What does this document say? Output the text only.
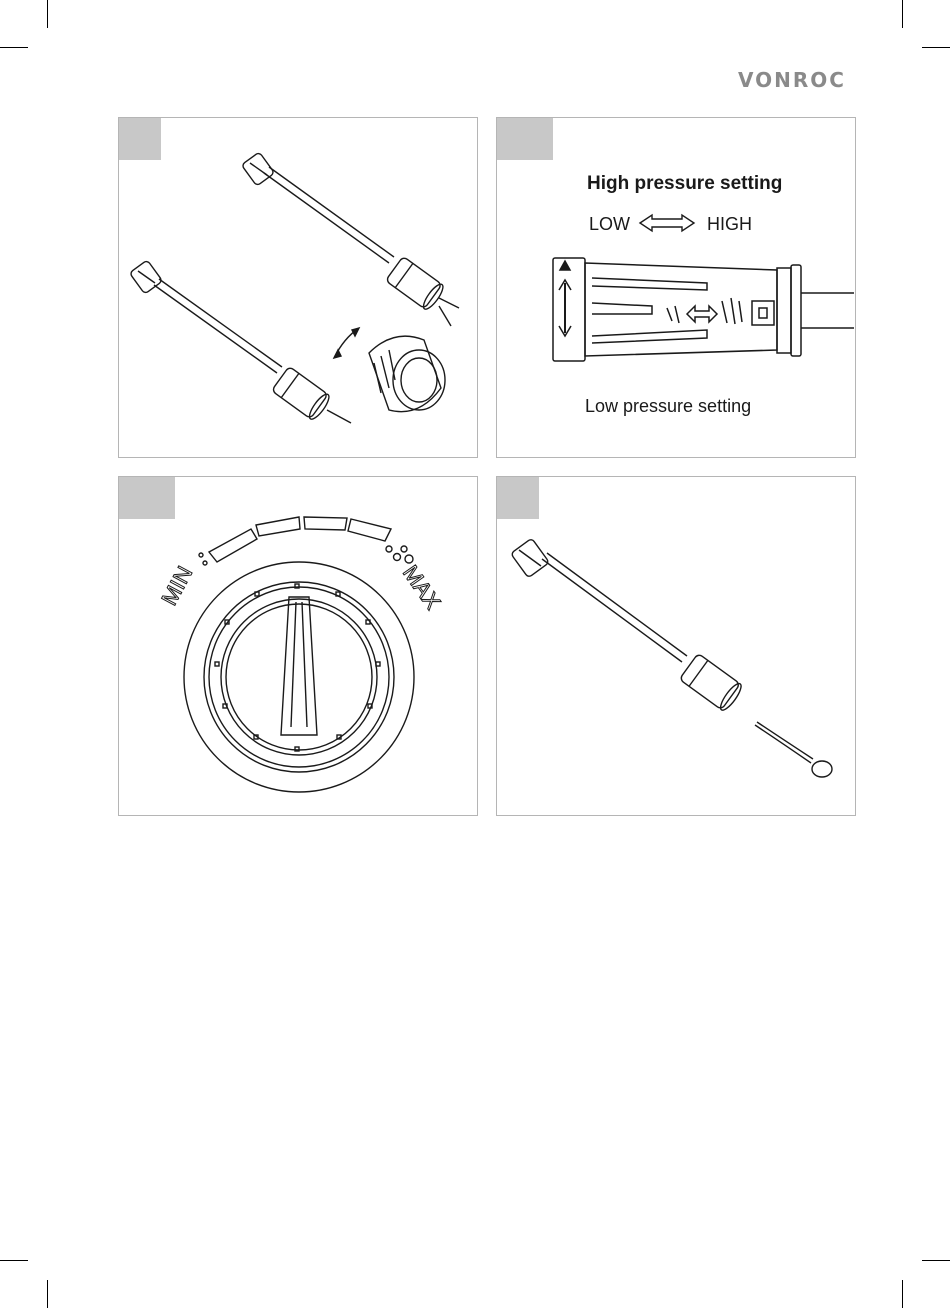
VONROC
High pressure setting
LOW	HIGH
Low pressure setting
MIN	MAX
